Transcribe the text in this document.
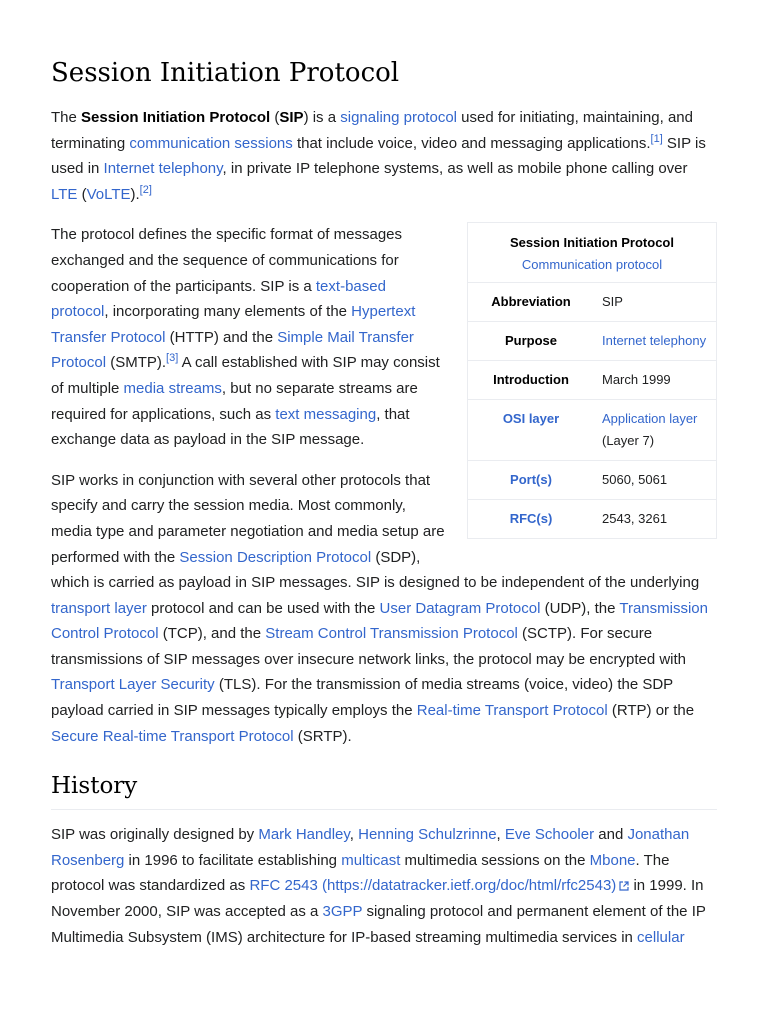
Session Initiation Protocol

The Session Initiation Protocol (SIP) is a signaling protocol used for initiating, maintaining, and terminating communication sessions that include voice, video and messaging applications.[1] SIP is used in Internet telephony, in private IP telephone systems, as well as mobile phone calling over LTE (VoLTE).[2]

Session Initiation Protocol	
Communication protocol	
Abbreviation	SIP
Purpose	Internet telephony
Introduction	March 1999
OSI layer	Application layer
(Layer 7)
Port(s)	5060, 5061
RFC(s)	2543, 3261

The protocol defines the specific format of messages exchanged and the sequence of communications for cooperation of the participants. SIP is a text-based protocol, incorporating many elements of the Hypertext Transfer Protocol (HTTP) and the Simple Mail Transfer Protocol (SMTP).[3] A call established with SIP may consist of multiple media streams, but no separate streams are required for applications, such as text messaging, that exchange data as payload in the SIP message.

SIP works in conjunction with several other protocols that specify and carry the session media. Most commonly, media type and parameter negotiation and media setup are performed with the Session Description Protocol (SDP), which is carried as payload in SIP messages. SIP is designed to be independent of the underlying transport layer protocol and can be used with the User Datagram Protocol (UDP), the Transmission Control Protocol (TCP), and the Stream Control Transmission Protocol (SCTP). For secure transmissions of SIP messages over insecure network links, the protocol may be encrypted with Transport Layer Security (TLS). For the transmission of media streams (voice, video) the SDP payload carried in SIP messages typically employs the Real-time Transport Protocol (RTP) or the Secure Real-time Transport Protocol (SRTP).

History

SIP was originally designed by Mark Handley, Henning Schulzrinne, Eve Schooler and Jonathan Rosenberg in 1996 to facilitate establishing multicast multimedia sessions on the Mbone. The protocol was standardized as RFC 2543 (https://datatracker.ietf.org/doc/html/rfc2543) in 1999. In November 2000, SIP was accepted as a 3GPP signaling protocol and permanent element of the IP Multimedia Subsystem (IMS) architecture for IP-based streaming multimedia services in cellular
